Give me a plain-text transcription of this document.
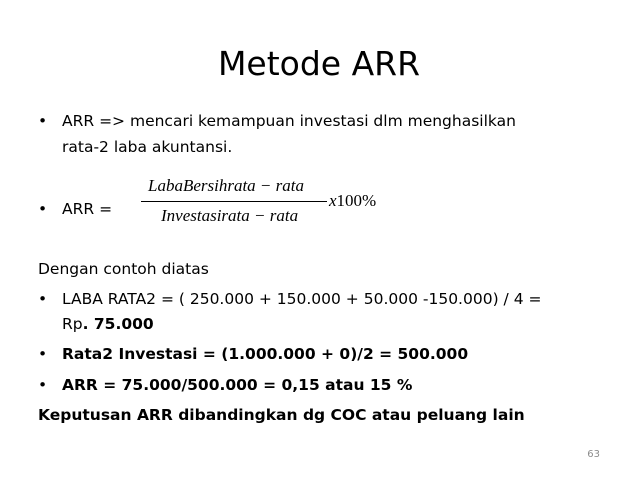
Metode ARR
• ARR => mencari kemampuan investasi dlm menghasilkan
rata-2 laba akuntansi.
• ARR =
LabaBersihrata − rata
Investasirata − rata
x100%
Dengan contoh diatas
• LABA RATA2 = ( 250.000 + 150.000 + 50.000 -150.000) / 4 =
Rp. 75.000
• Rata2 Investasi = (1.000.000 + 0)/2 = 500.000
• ARR = 75.000/500.000 = 0,15 atau 15 %
Keputusan ARR dibandingkan dg COC atau peluang lain
63
